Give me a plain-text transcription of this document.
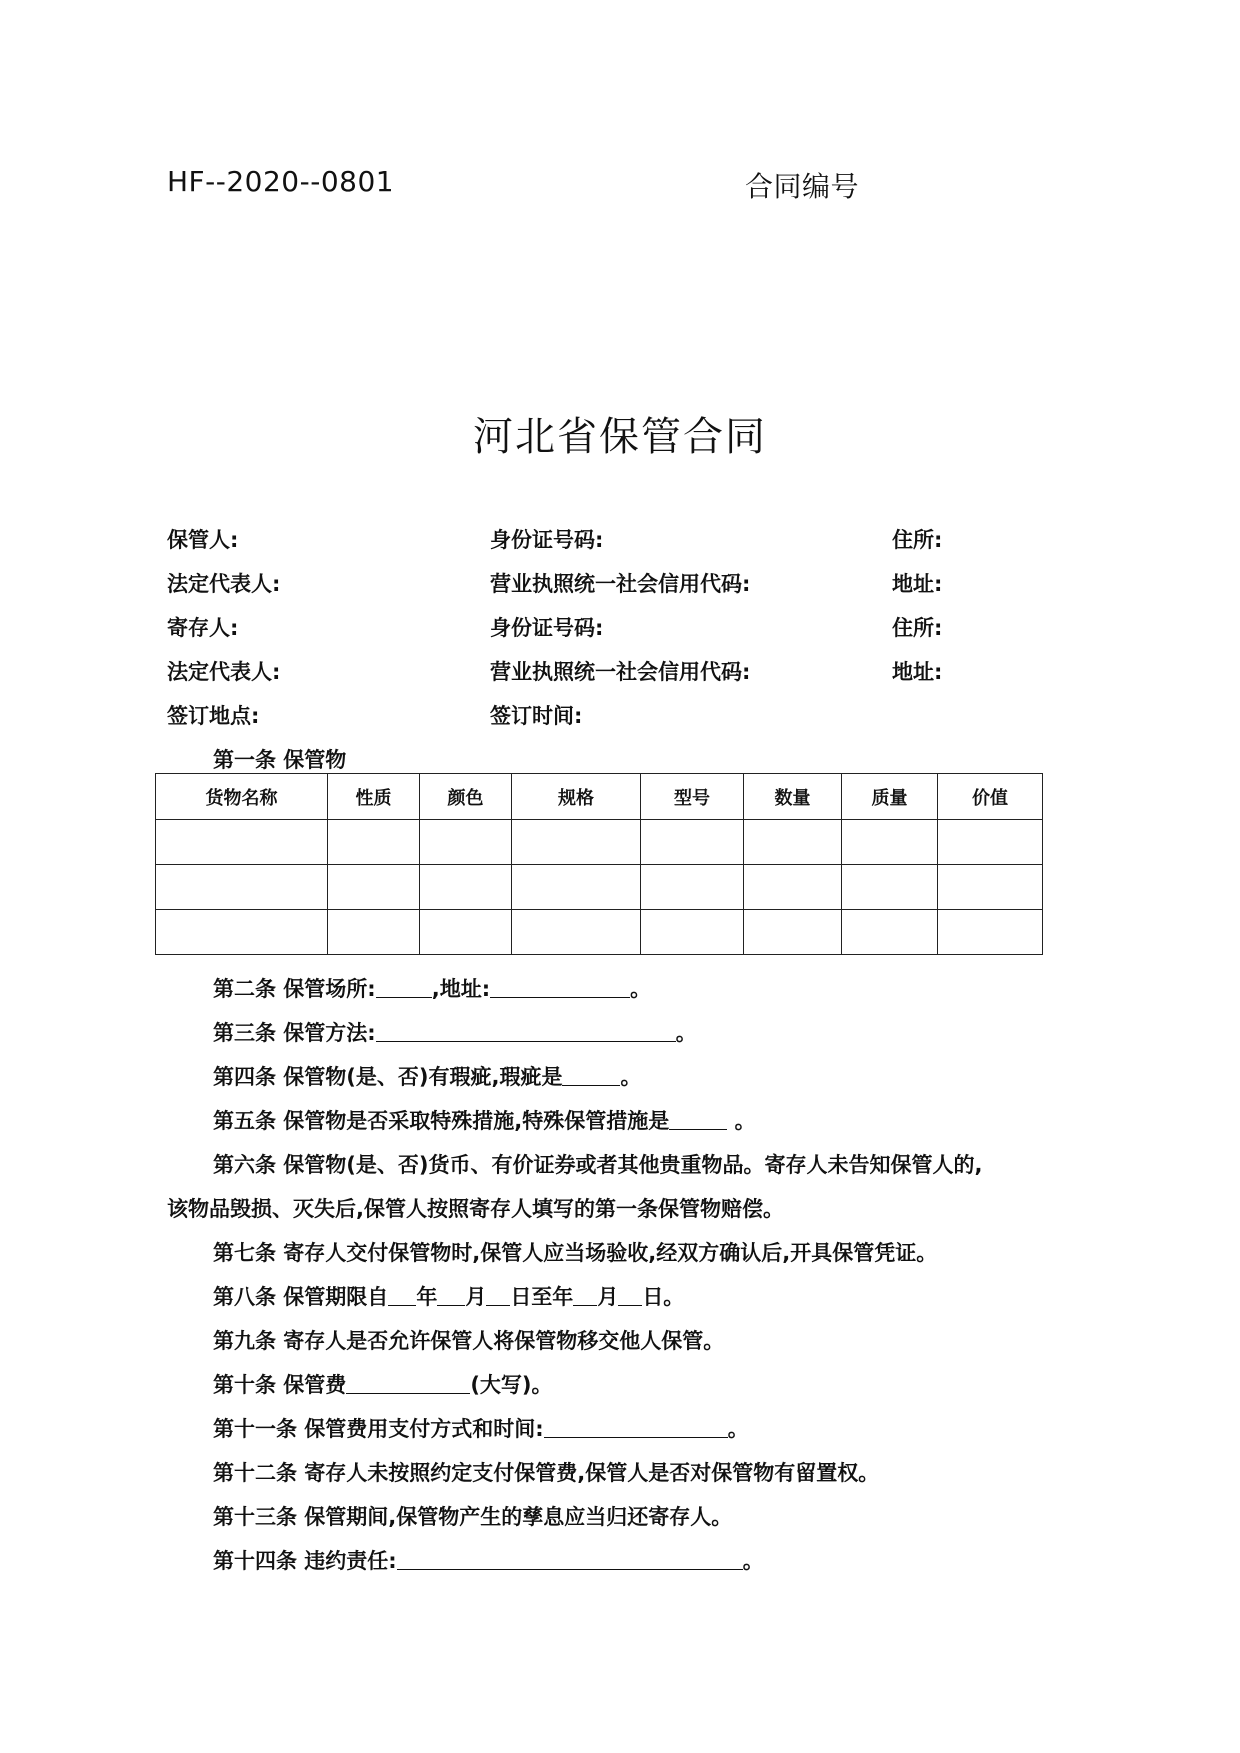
HF--2020--0801	合同编号
河北省保管合同
保管人:	身份证号码:	住所:
法定代表人:	营业执照统一社会信用代码:	地址:
寄存人:	身份证号码:	住所:
法定代表人:	营业执照统一社会信用代码:	地址:
签订地点:	签订时间:
第一条 保管物
货物名称	性质	颜色	规格	型号	数量	质量	价值

第二条 保管场所:	,地址:	。
第三条 保管方法:	。
第四条 保管物(是、否)有瑕疵,瑕疵是	。
第五条 保管物是否采取特殊措施,特殊保管措施是	。
第六条 保管物(是、否)货币、有价证券或者其他贵重物品。寄存人未告知保管人的,
该物品毁损、灭失后,保管人按照寄存人填写的第一条保管物赔偿。
第七条 寄存人交付保管物时,保管人应当场验收,经双方确认后,开具保管凭证。
第八条 保管期限自 年 月 日至年 月 日。
第九条 寄存人是否允许保管人将保管物移交他人保管。
第十条 保管费	(大写)。
第十一条 保管费用支付方式和时间:	。
第十二条 寄存人未按照约定支付保管费,保管人是否对保管物有留置权。
第十三条 保管期间,保管物产生的孳息应当归还寄存人。
第十四条 违约责任:	。
